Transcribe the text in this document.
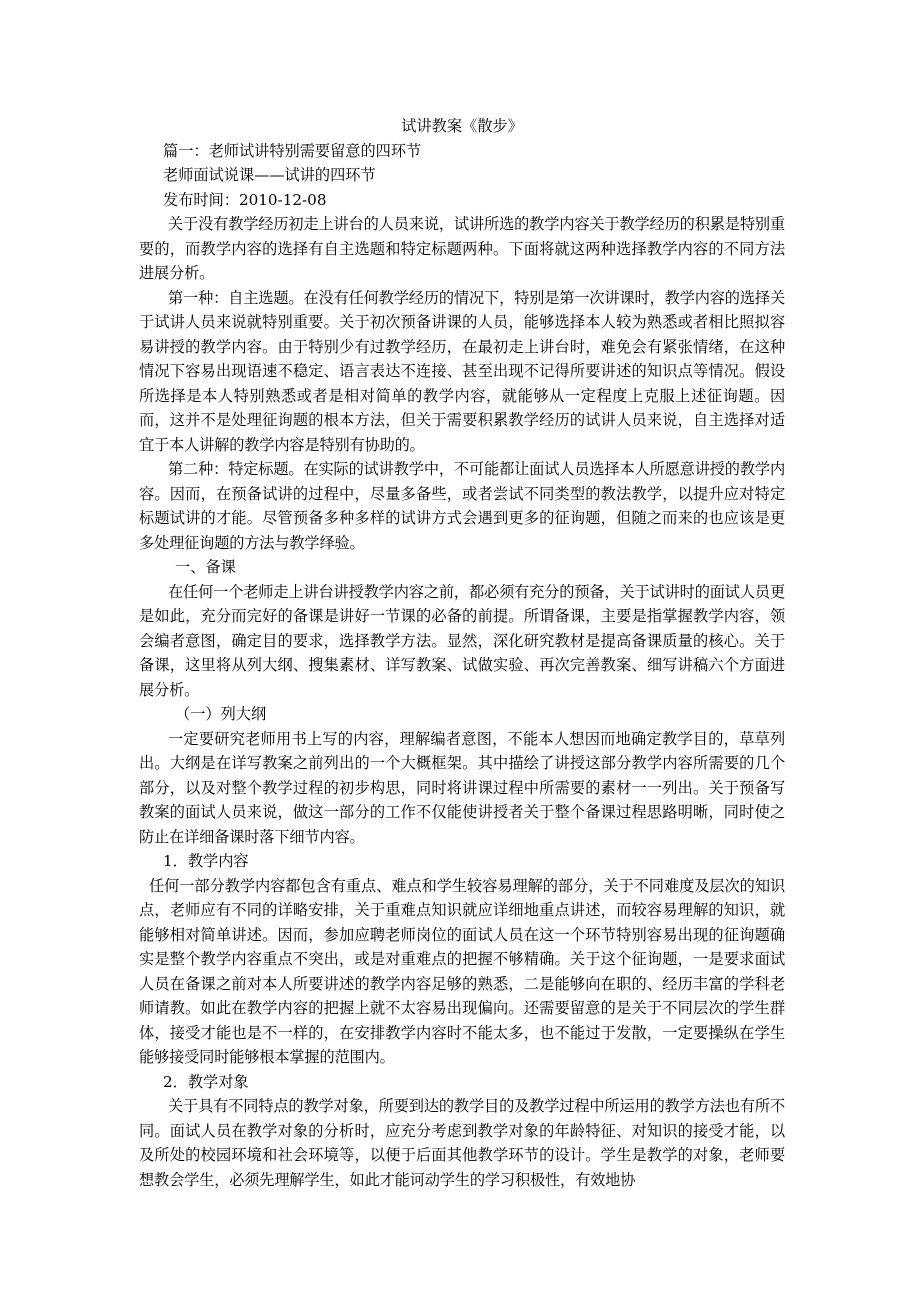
试讲教案《散步》

篇一：老师试讲特别需要留意的四环节

老师面试说课——试讲的四环节

发布时间：2010-12-08

关于没有教学经历初走上讲台的人员来说，试讲所选的教学内容关于教学经历的积累是特别重要的，而教学内容的选择有自主选题和特定标题两种。下面将就这两种选择教学内容的不同方法进展分析。

第一种：自主选题。在没有任何教学经历的情况下，特别是第一次讲课时，教学内容的选择关于试讲人员来说就特别重要。关于初次预备讲课的人员，能够选择本人较为熟悉或者相比照拟容易讲授的教学内容。由于特别少有过教学经历，在最初走上讲台时，难免会有紧张情绪，在这种情况下容易出现语速不稳定、语言表达不连接、甚至出现不记得所要讲述的知识点等情况。假设所选择是本人特别熟悉或者是相对简单的教学内容，就能够从一定程度上克服上述征询题。因而，这并不是处理征询题的根本方法，但关于需要积累教学经历的试讲人员来说，自主选择对适宜于本人讲解的教学内容是特别有协助的。

第二种：特定标题。在实际的试讲教学中，不可能都让面试人员选择本人所愿意讲授的教学内容。因而，在预备试讲的过程中，尽量多备些，或者尝试不同类型的教法教学，以提升应对特定标题试讲的才能。尽管预备多种多样的试讲方式会遇到更多的征询题，但随之而来的也应该是更多处理征询题的方法与教学绎验。

一、备课

在任何一个老师走上讲台讲授教学内容之前，都必须有充分的预备，关于试讲时的面试人员更是如此，充分而完好的备课是讲好一节课的必备的前提。所谓备课，主要是指掌握教学内容，领会编者意图，确定目的要求，选择教学方法。显然，深化研究教材是提高备课质量的核心。关于备课，这里将从列大纲、搜集素材、详写教案、试做实验、再次完善教案、细写讲稿六个方面进展分析。

（一）列大纲

一定要研究老师用书上写的内容，理解编者意图，不能本人想因而地确定教学目的，草草列出。大纲是在详写教案之前列出的一个大概框架。其中描绘了讲授这部分教学内容所需要的几个部分，以及对整个教学过程的初步构思，同时将讲课过程中所需要的素材一一列出。关于预备写教案的面试人员来说，做这一部分的工作不仅能使讲授者关于整个备课过程思路明晰，同时使之防止在详细备课时落下细节内容。

1．教学内容

任何一部分教学内容都包含有重点、难点和学生较容易理解的部分，关于不同难度及层次的知识点，老师应有不同的详略安排，关于重难点知识就应详细地重点讲述，而较容易理解的知识，就能够相对简单讲述。因而，参加应聘老师岗位的面试人员在这一个环节特别容易出现的征询题确实是整个教学内容重点不突出，或是对重难点的把握不够精确。关于这个征询题，一是要求面试人员在备课之前对本人所要讲述的教学内容足够的熟悉，二是能够向在职的、经历丰富的学科老师请教。如此在教学内容的把握上就不太容易出现偏向。还需要留意的是关于不同层次的学生群体，接受才能也是不一样的，在安排教学内容时不能太多，也不能过于发散，一定要操纵在学生能够接受同时能够根本掌握的范围内。

2．教学对象

关于具有不同特点的教学对象，所要到达的教学目的及教学过程中所运用的教学方法也有所不同。面试人员在教学对象的分析时，应充分考虑到教学对象的年龄特征、对知识的接受才能，以及所处的校园环境和社会环境等，以便于后面其他教学环节的设计。学生是教学的对象，老师要想教会学生，必须先理解学生，如此才能诃动学生的学习积极性，有效地协
